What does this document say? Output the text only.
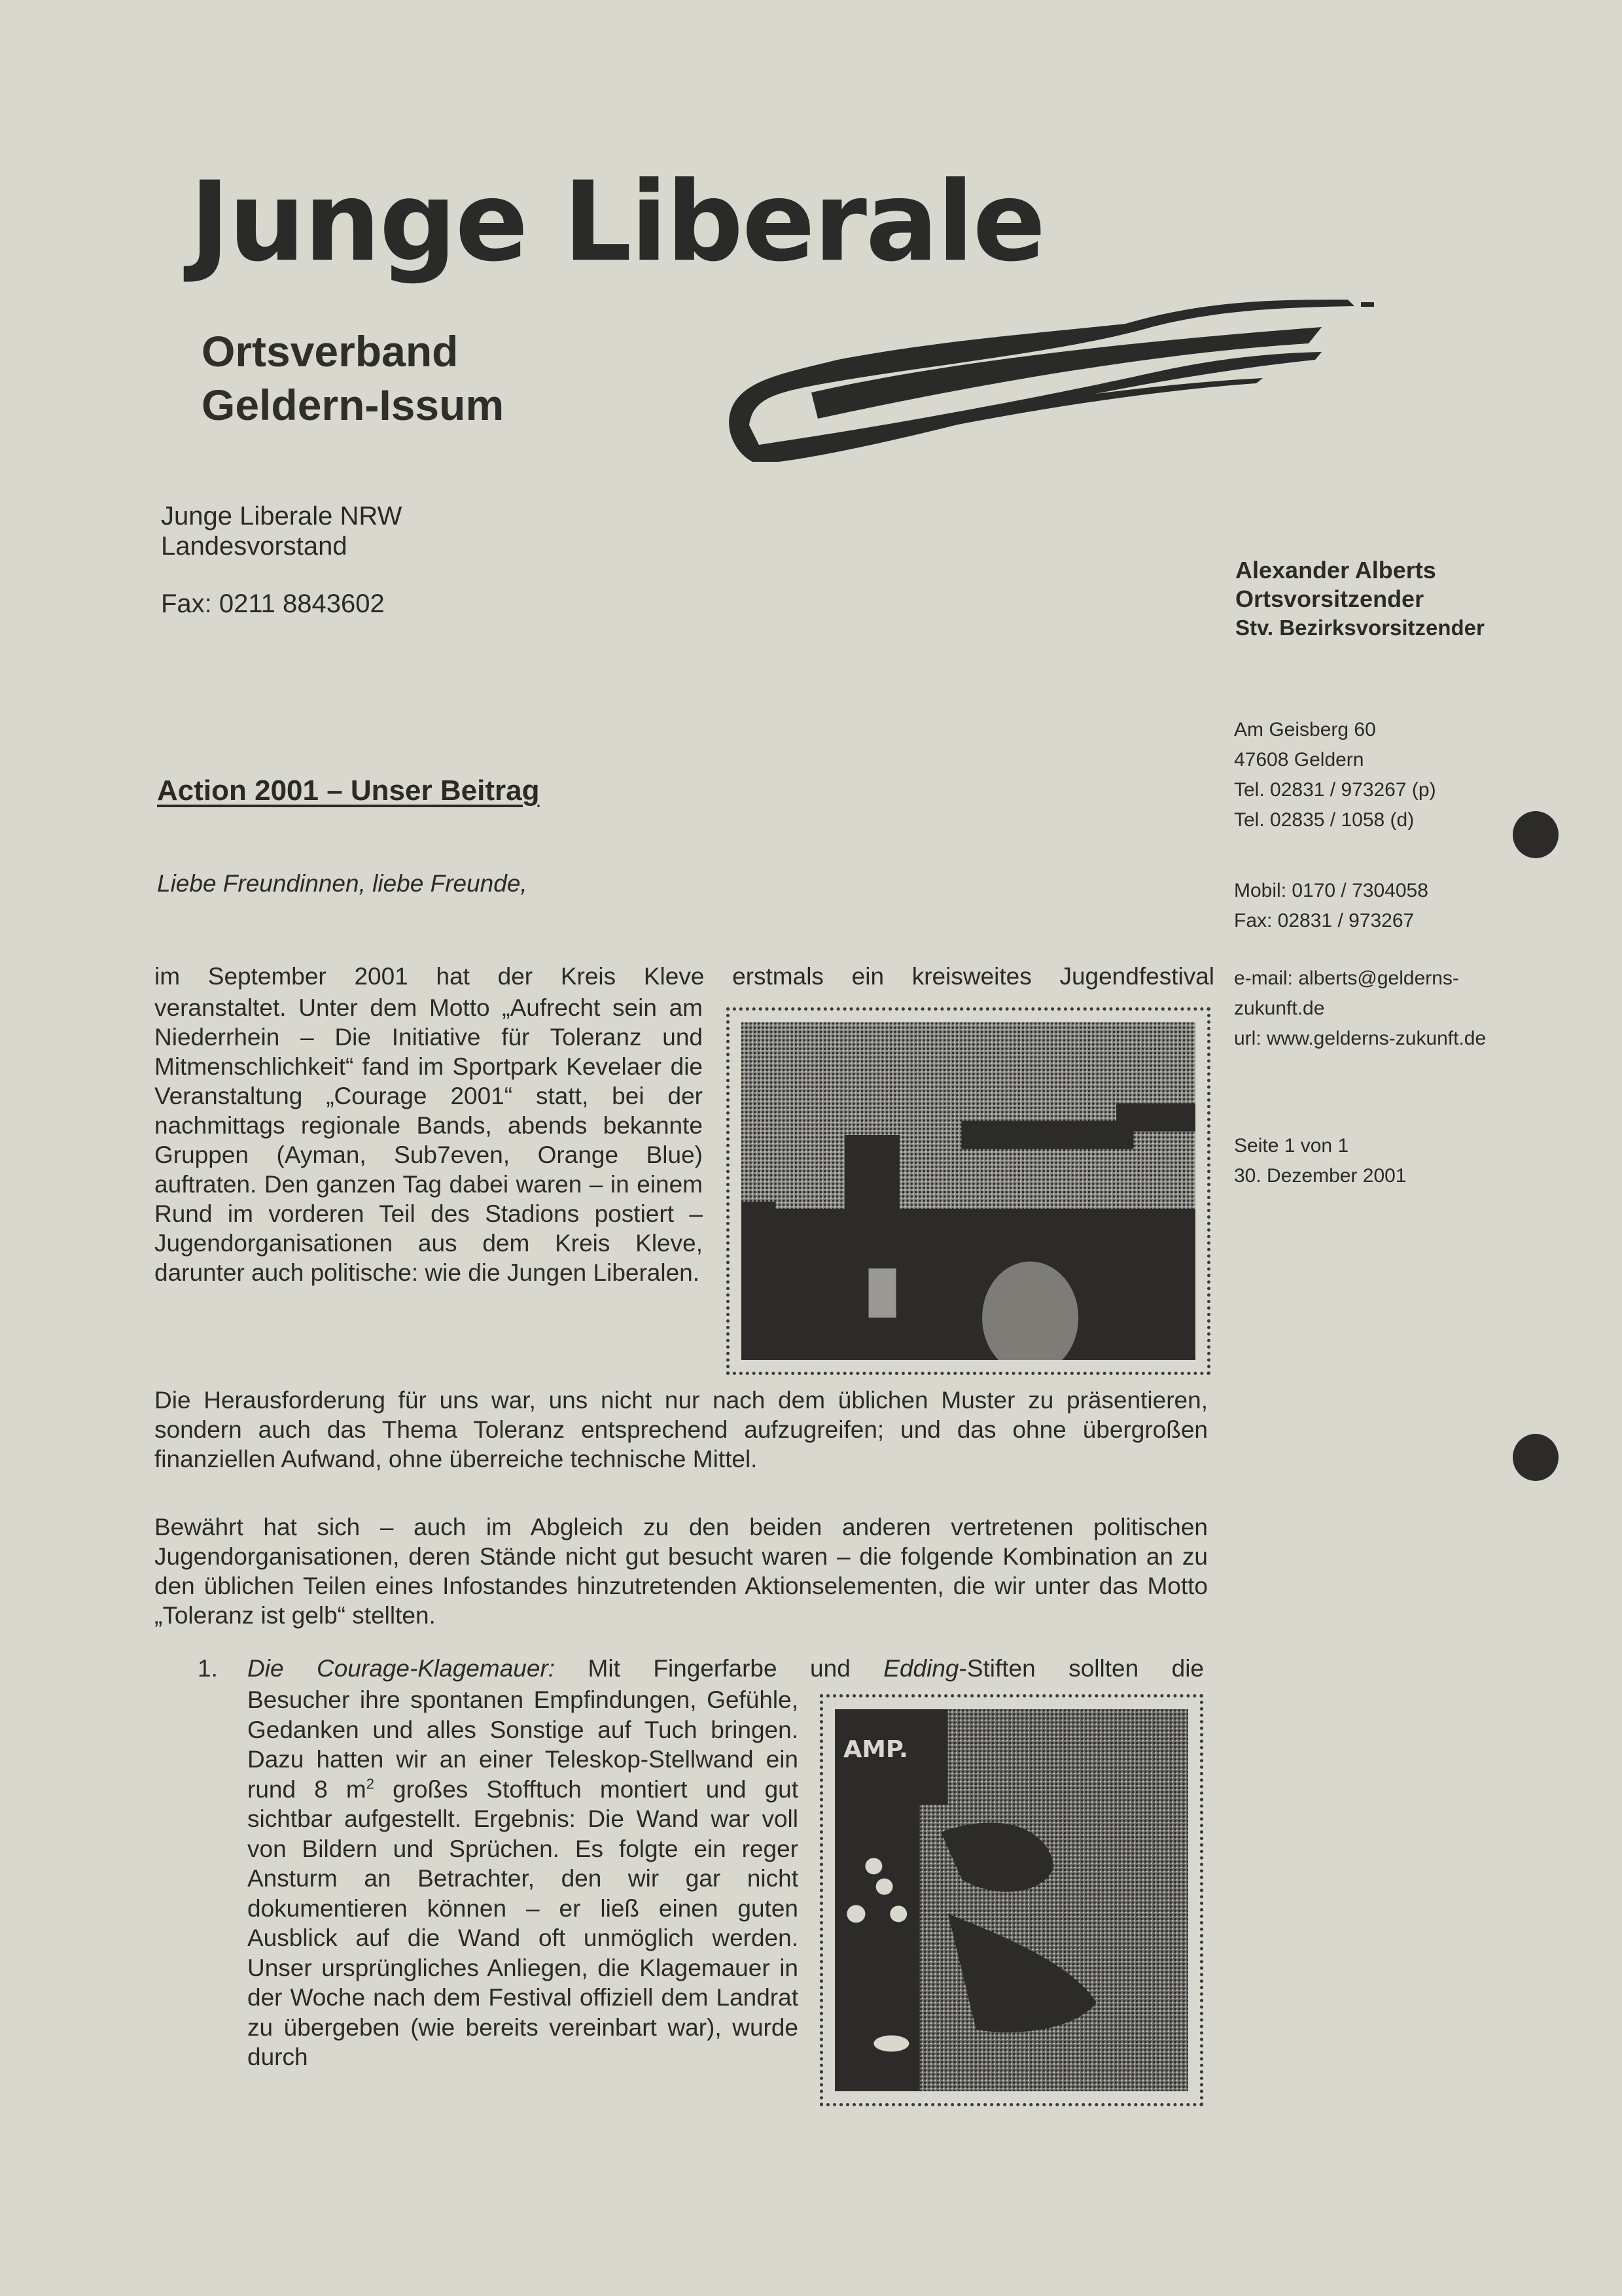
Junge Liberale
Ortsverband
Geldern-Issum
Junge Liberale NRW
Landesvorstand
Fax: 0211 8843602
Alexander Alberts
Ortsvorsitzender
Stv. Bezirksvorsitzender
Am Geisberg 60
47608 Geldern
Tel. 02831 / 973267 (p)
Tel. 02835 / 1058 (d)
Mobil: 0170 / 7304058
Fax: 02831 / 973267
e-mail: alberts@gelderns-
zukunft.de
url: www.gelderns-zukunft.de
Seite 1 von 1
30. Dezember 2001
Action 2001 – Unser Beitrag
Liebe Freundinnen, liebe Freunde,
im September 2001 hat der Kreis Kleve erstmals ein kreisweites Jugendfestival
veranstaltet. Unter dem Motto „Aufrecht sein am Niederrhein – Die Initiative für Toleranz und Mitmenschlichkeit“ fand im Sportpark Kevelaer die Veranstaltung „Courage 2001“ statt, bei der nachmittags regionale Bands, abends bekannte Gruppen (Ayman, Sub7even, Orange Blue) auftraten. Den ganzen Tag dabei waren – in einem Rund im vorderen Teil des Stadions postiert – Jugendorganisationen aus dem Kreis Kleve, darunter auch politische: wie die Jungen Liberalen.
Die Herausforderung für uns war, uns nicht nur nach dem üblichen Muster zu präsentieren, sondern auch das Thema Toleranz entsprechend aufzugreifen; und das ohne übergroßen finanziellen Aufwand, ohne überreiche technische Mittel.
Bewährt hat sich – auch im Abgleich zu den beiden anderen vertretenen politischen Jugendorganisationen, deren Stände nicht gut besucht waren – die folgende Kombination an zu den üblichen Teilen eines Infostandes hinzutretenden Aktionselementen, die wir unter das Motto „Toleranz ist gelb“ stellten.
1. Die Courage-Klagemauer: Mit Fingerfarbe und Edding-Stiften sollten die
Besucher ihre spontanen Empfindungen, Gefühle, Gedanken und alles Sonstige auf Tuch bringen. Dazu hatten wir an einer Teleskop-Stellwand ein rund 8 $m^2$ großes Stofftuch montiert und gut sichtbar aufgestellt. Ergebnis: Die Wand war voll von Bildern und Sprüchen. Es folgte ein reger Ansturm an Betrachter, den wir gar nicht dokumentieren können – er ließ einen guten Ausblick auf die Wand oft unmöglich werden. Unser ursprüngliches Anliegen, die Klagemauer in der Woche nach dem Festival offiziell dem Landrat zu übergeben (wie bereits vereinbart war), wurde durch
AMP.
